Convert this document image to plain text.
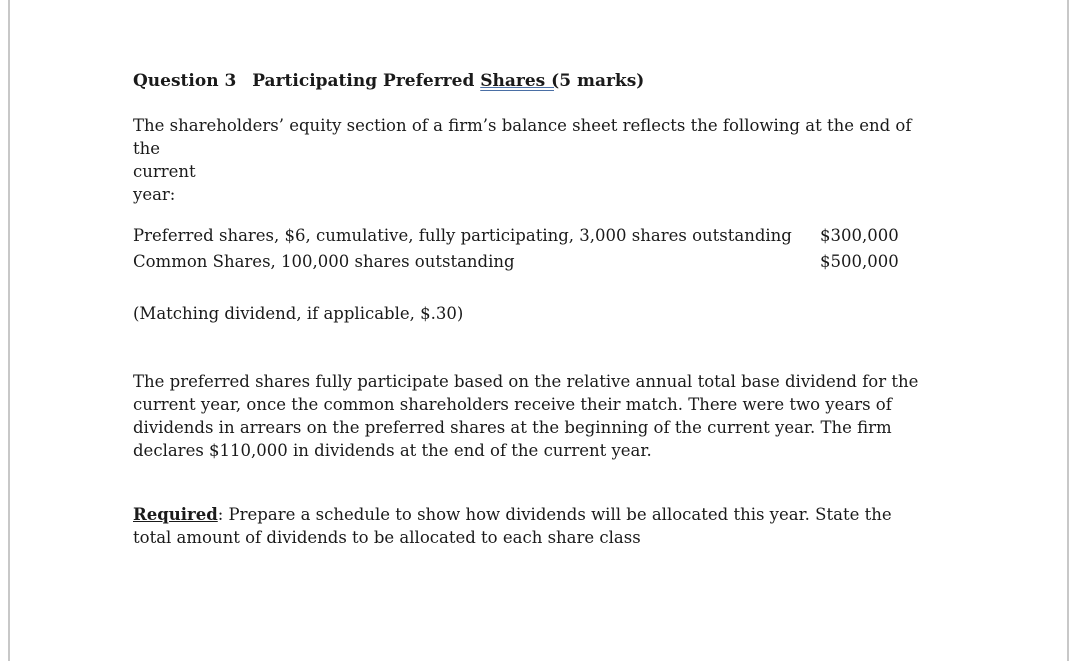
Question 3 Participating Preferred Shares (5 marks)

The shareholders’ equity section of a firm’s balance sheet reflects the following at the end of the
current
year:

Preferred shares, $6, cumulative, fully participating, 3,000 shares outstanding $300,000
Common Shares, 100,000 shares outstanding	$500,000

(Matching dividend, if applicable, $.30)

The preferred shares fully participate based on the relative annual total base dividend for the current year, once the common shareholders receive their match. There were two years of dividends in arrears on the preferred shares at the beginning of the current year. The firm declares $110,000 in dividends at the end of the current year.

Required: Prepare a schedule to show how dividends will be allocated this year. State the total amount of dividends to be allocated to each share class
